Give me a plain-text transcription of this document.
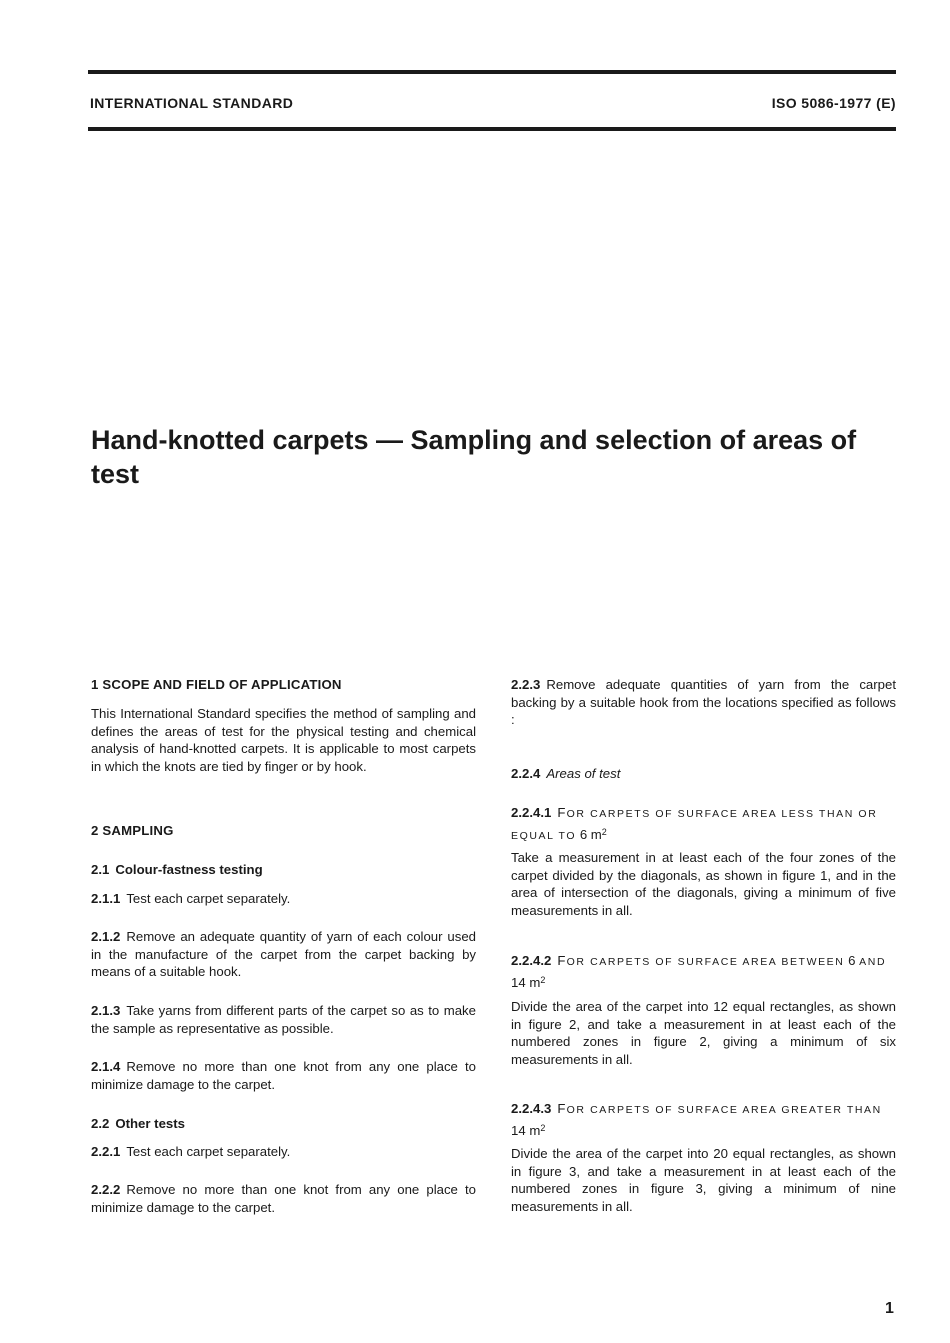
INTERNATIONAL STANDARD	ISO 5086-1977 (E)
Hand-knotted carpets — Sampling and selection of areas of test
1 SCOPE AND FIELD OF APPLICATION

This International Standard specifies the method of sampling and defines the areas of test for the physical testing and chemical analysis of hand-knotted carpets. It is applicable to most carpets in which the knots are tied by finger or by hook.

2 SAMPLING
2.1 Colour-fastness testing

2.1.1 Test each carpet separately.

2.1.2 Remove an adequate quantity of yarn of each colour used in the manufacture of the carpet from the carpet backing by means of a suitable hook.

2.1.3 Take yarns from different parts of the carpet so as to make the sample as representative as possible.

2.1.4 Remove no more than one knot from any one place to minimize damage to the carpet.

2.2 Other tests

2.2.1 Test each carpet separately.

2.2.2 Remove no more than one knot from any one place to minimize damage to the carpet.

2.2.3 Remove adequate quantities of yarn from the carpet backing by a suitable hook from the locations specified as follows :

2.2.4 Areas of test
2.2.4.1 FOR CARPETS OF SURFACE AREA LESS THAN OR EQUAL TO 6 $m^2$

Take a measurement in at least each of the four zones of the carpet divided by the diagonals, as shown in figure 1, and in the area of intersection of the diagonals, giving a minimum of five measurements in all.

2.2.4.2 FOR CARPETS OF SURFACE AREA BETWEEN 6 AND 14 $m^2$

Divide the area of the carpet into 12 equal rectangles, as shown in figure 2, and take a measurement in at least each of the numbered zones in figure 2, giving a minimum of six measurements in all.

2.2.4.3 FOR CARPETS OF SURFACE AREA GREATER THAN 14 $m^2$

Divide the area of the carpet into 20 equal rectangles, as shown in figure 3, and take a measurement in at least each of the numbered zones in figure 3, giving a minimum of nine measurements in all.

1
